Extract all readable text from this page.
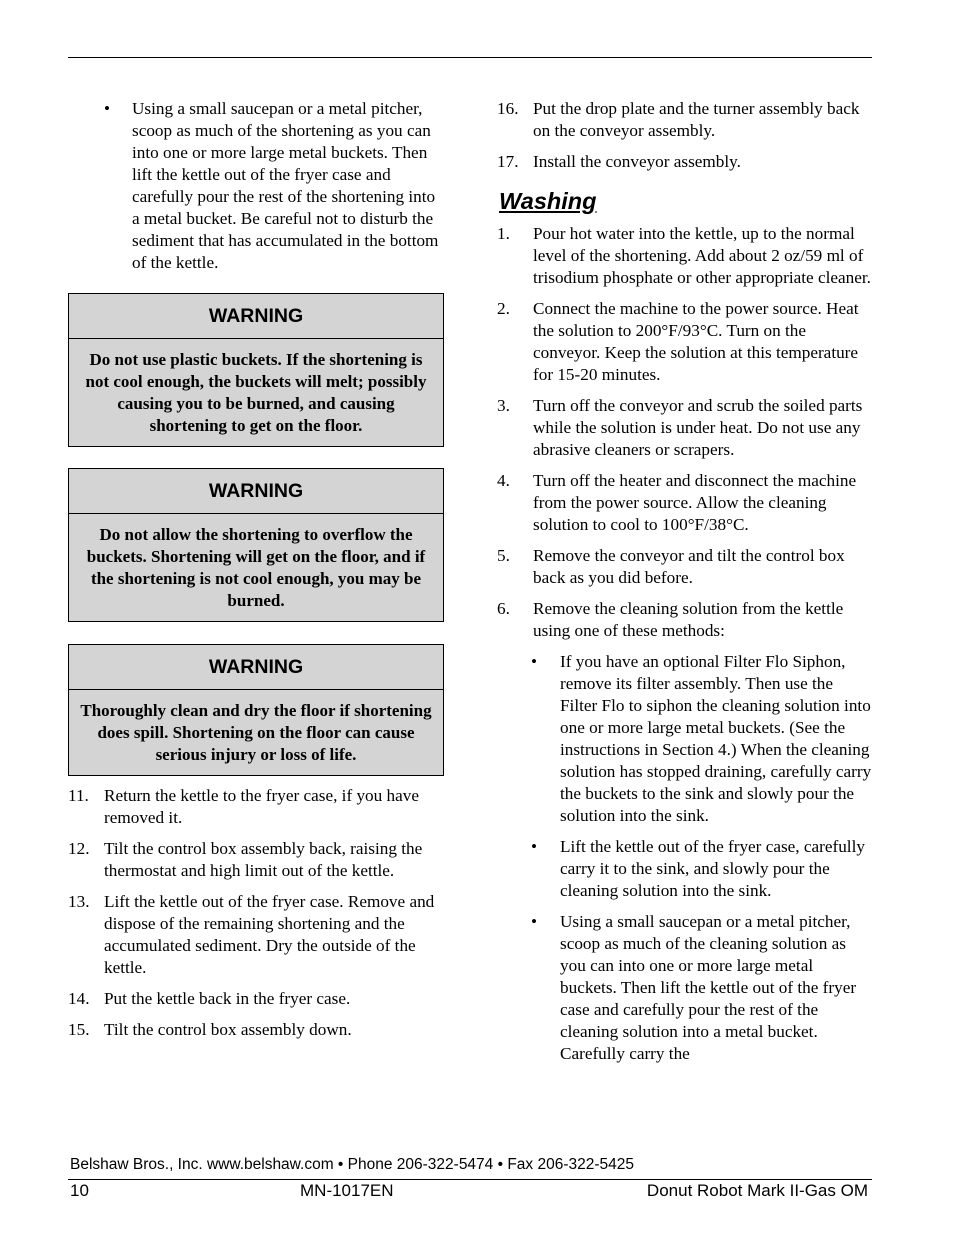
• Using a small saucepan or a metal pitcher, scoop as much of the shortening as you can into one or more large metal buckets. Then lift the kettle out of the fryer case and carefully pour the rest of the shortening into a metal bucket. Be careful not to disturb the sediment that has accumulated in the bottom of the kettle.
WARNING
Do not use plastic buckets. If the shortening is not cool enough, the buckets will melt; possibly causing you to be burned, and causing shortening to get on the floor.
WARNING
Do not allow the shortening to overflow the buckets. Shortening will get on the floor, and if the shortening is not cool enough, you may be burned.
WARNING
Thoroughly clean and dry the floor if shortening does spill. Shortening on the floor can cause serious injury or loss of life.
11. Return the kettle to the fryer case, if you have removed it.
12. Tilt the control box assembly back, raising the thermostat and high limit out of the kettle.
13. Lift the kettle out of the fryer case. Remove and dispose of the remaining shortening and the accumulated sediment. Dry the outside of the kettle.
14. Put the kettle back in the fryer case.
15. Tilt the control box assembly down.
16. Put the drop plate and the turner assembly back on the conveyor assembly.
17. Install the conveyor assembly.
Washing
1. Pour hot water into the kettle, up to the normal level of the shortening. Add about 2 oz/59 ml of trisodium phosphate or other appropriate cleaner.
2. Connect the machine to the power source. Heat the solution to 200°F/93°C. Turn on the conveyor. Keep the solution at this temperature for 15-20 minutes.
3. Turn off the conveyor and scrub the soiled parts while the solution is under heat. Do not use any abrasive cleaners or scrapers.
4. Turn off the heater and disconnect the machine from the power source. Allow the cleaning solution to cool to 100°F/38°C.
5. Remove the conveyor and tilt the control box back as you did before.
6. Remove the cleaning solution from the kettle using one of these methods:
• If you have an optional Filter Flo Siphon, remove its filter assembly. Then use the Filter Flo to siphon the cleaning solution into one or more large metal buckets. (See the instructions in Section 4.) When the cleaning solution has stopped draining, carefully carry the buckets to the sink and slowly pour the solution into the sink.
• Lift the kettle out of the fryer case, carefully carry it to the sink, and slowly pour the cleaning solution into the sink.
• Using a small saucepan or a metal pitcher, scoop as much of the cleaning solution as you can into one or more large metal buckets. Then lift the kettle out of the fryer case and carefully pour the rest of the cleaning solution into a metal bucket. Carefully carry the
Belshaw Bros., Inc. www.belshaw.com • Phone 206-322-5474 • Fax 206-322-5425
10	MN-1017EN	Donut Robot Mark II-Gas OM
